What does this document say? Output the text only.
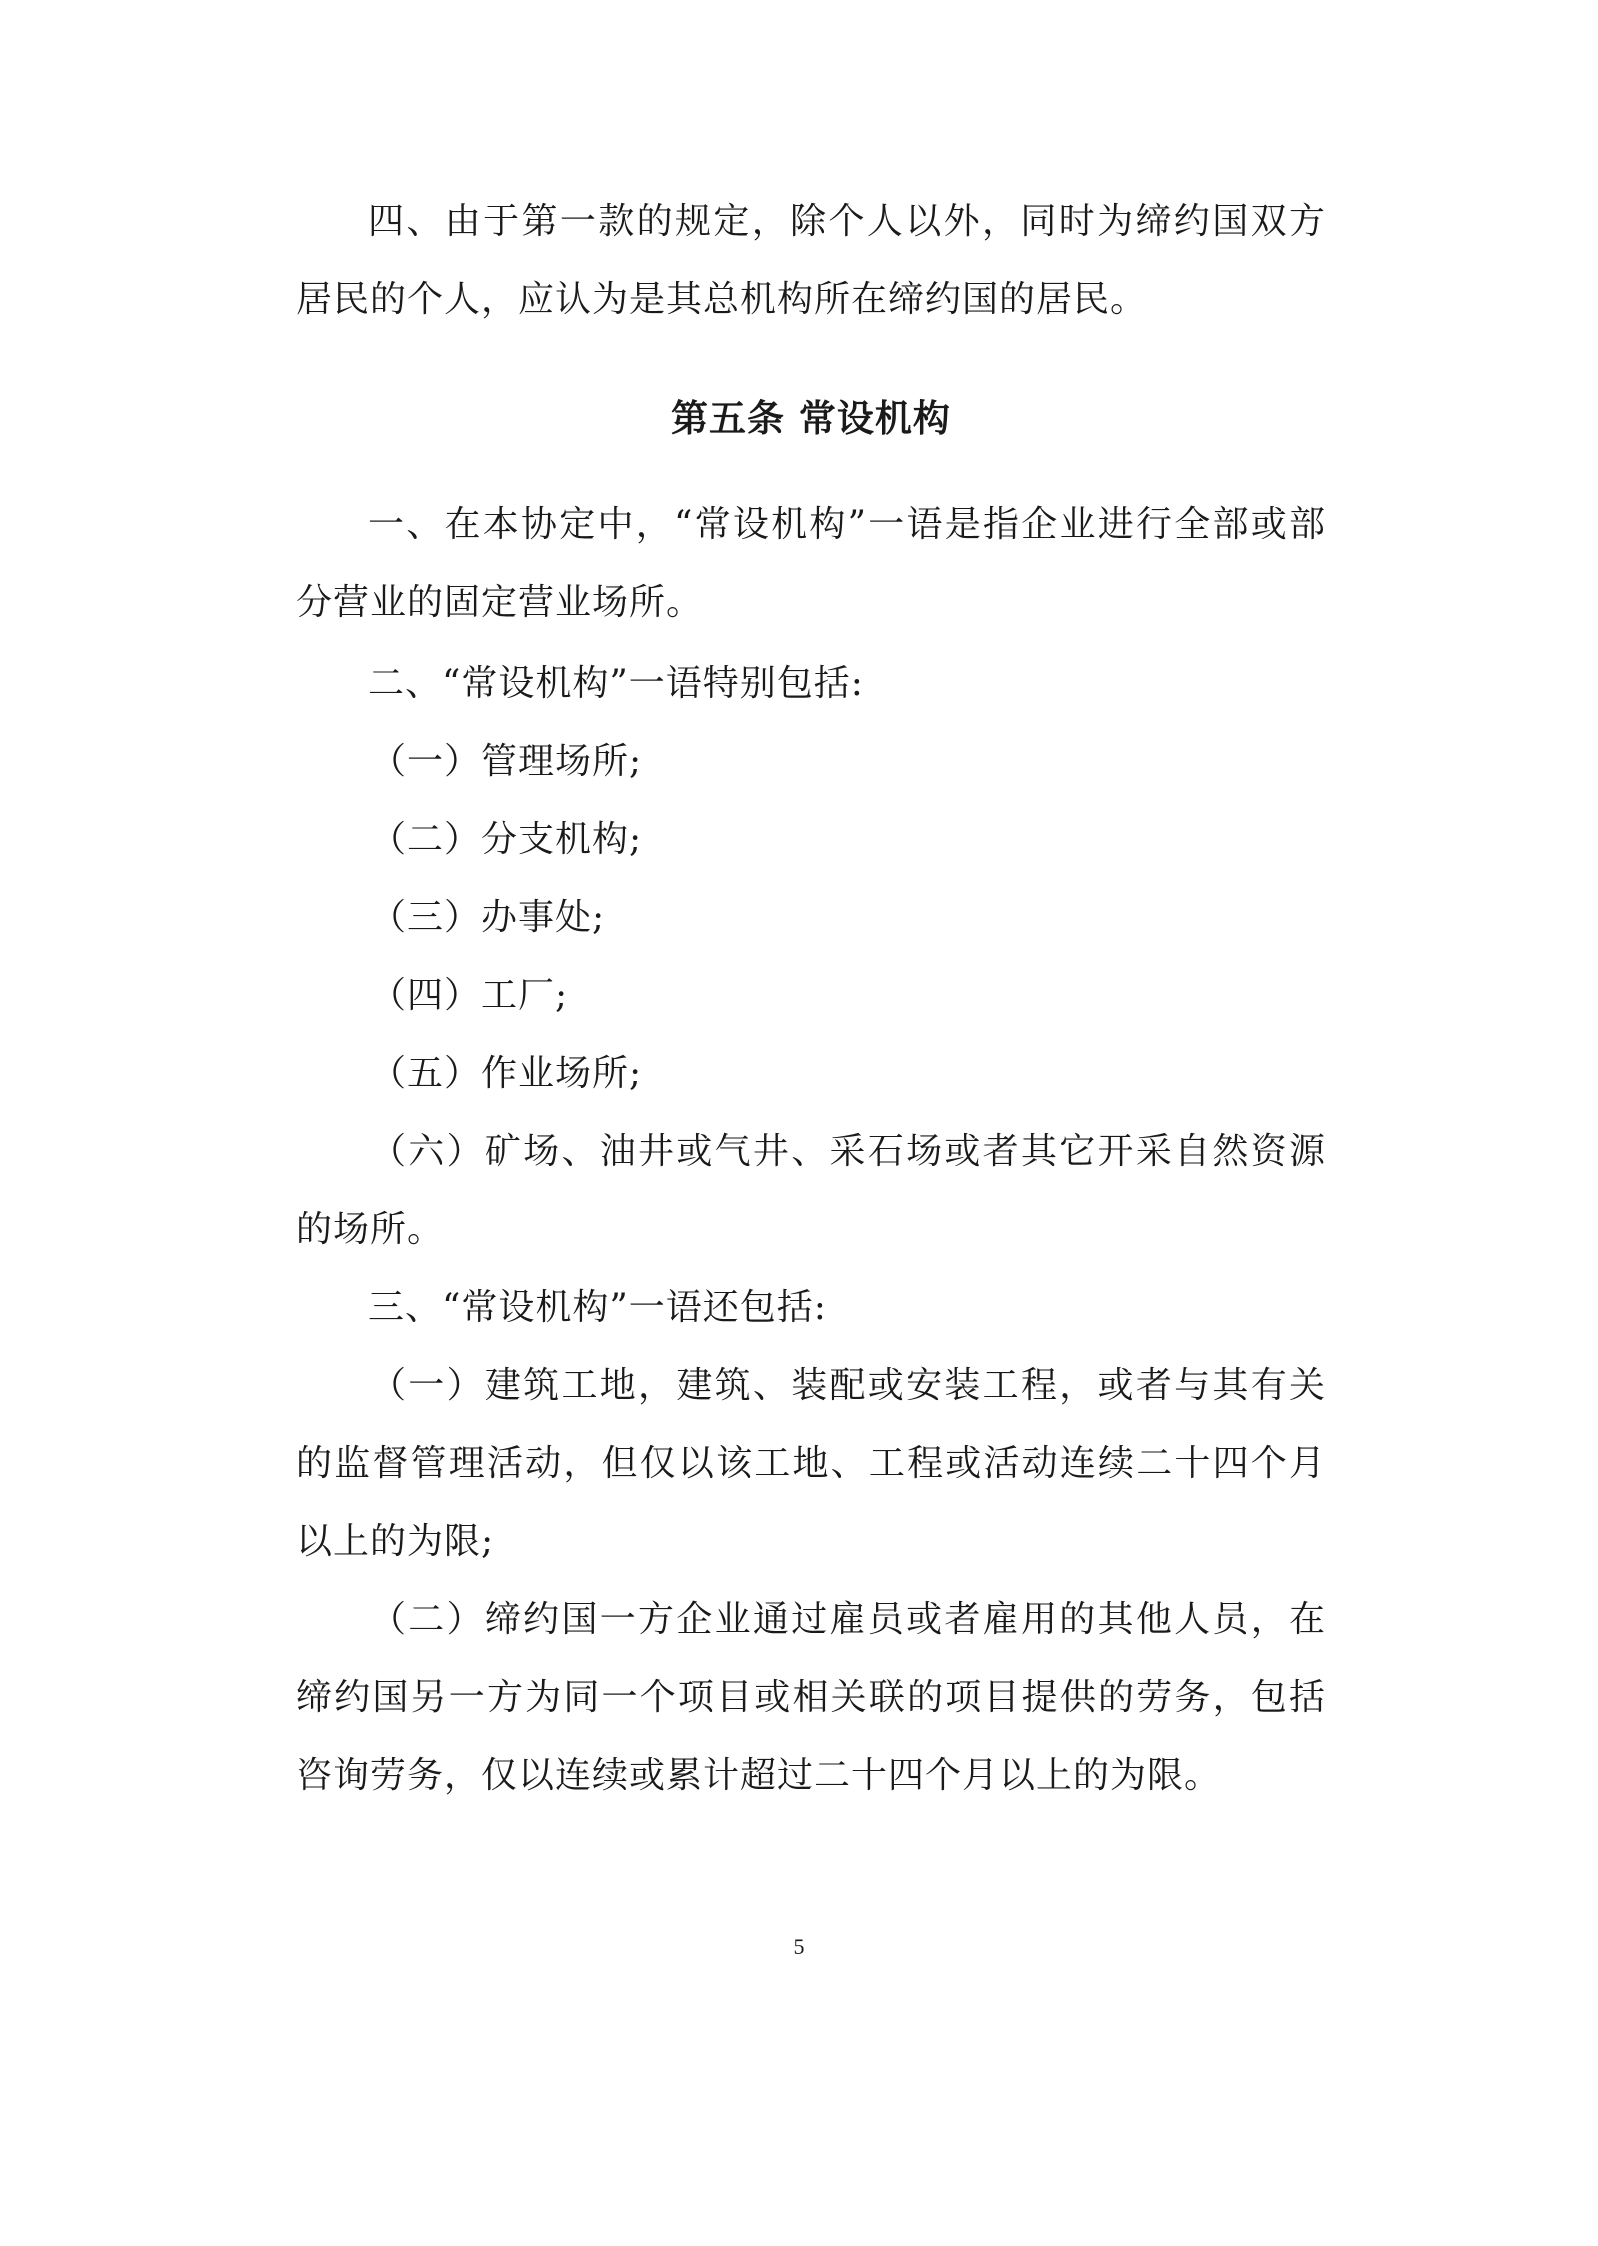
四、由于第一款的规定，除个人以外，同时为缔约国双方居民的个人，应认为是其总机构所在缔约国的居民。

第五条 常设机构

一、在本协定中，“常设机构”一语是指企业进行全部或部分营业的固定营业场所。

二、“常设机构”一语特别包括:

（一）管理场所;

（二）分支机构;

（三）办事处;

（四）工厂;

（五）作业场所;

（六）矿场、油井或气井、采石场或者其它开采自然资源的场所。

三、“常设机构”一语还包括:

（一）建筑工地，建筑、装配或安装工程，或者与其有关的监督管理活动，但仅以该工地、工程或活动连续二十四个月以上的为限;

（二）缔约国一方企业通过雇员或者雇用的其他人员，在缔约国另一方为同一个项目或相关联的项目提供的劳务，包括咨询劳务，仅以连续或累计超过二十四个月以上的为限。

5
